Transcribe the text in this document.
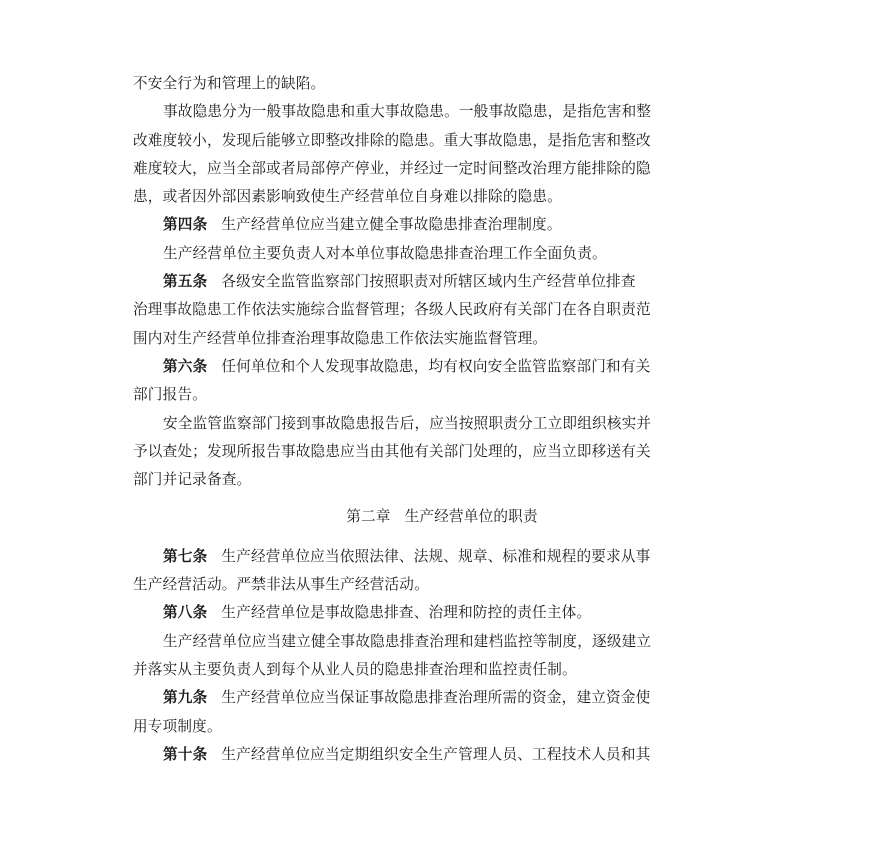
不安全行为和管理上的缺陷。
事故隐患分为一般事故隐患和重大事故隐患。一般事故隐患，是指危害和整
改难度较小，发现后能够立即整改排除的隐患。重大事故隐患，是指危害和整改
难度较大，应当全部或者局部停产停业，并经过一定时间整改治理方能排除的隐
患，或者因外部因素影响致使生产经营单位自身难以排除的隐患。
第四条 生产经营单位应当建立健全事故隐患排查治理制度。
生产经营单位主要负责人对本单位事故隐患排查治理工作全面负责。
第五条 各级安全监管监察部门按照职责对所辖区域内生产经营单位排查
治理事故隐患工作依法实施综合监督管理；各级人民政府有关部门在各自职责范
围内对生产经营单位排查治理事故隐患工作依法实施监督管理。
第六条 任何单位和个人发现事故隐患，均有权向安全监管监察部门和有关
部门报告。
安全监管监察部门接到事故隐患报告后，应当按照职责分工立即组织核实并
予以查处；发现所报告事故隐患应当由其他有关部门处理的，应当立即移送有关
部门并记录备查。
第二章 生产经营单位的职责
第七条 生产经营单位应当依照法律、法规、规章、标准和规程的要求从事
生产经营活动。严禁非法从事生产经营活动。
第八条 生产经营单位是事故隐患排查、治理和防控的责任主体。
生产经营单位应当建立健全事故隐患排查治理和建档监控等制度，逐级建立
并落实从主要负责人到每个从业人员的隐患排查治理和监控责任制。
第九条 生产经营单位应当保证事故隐患排查治理所需的资金，建立资金使
用专项制度。
第十条 生产经营单位应当定期组织安全生产管理人员、工程技术人员和其
